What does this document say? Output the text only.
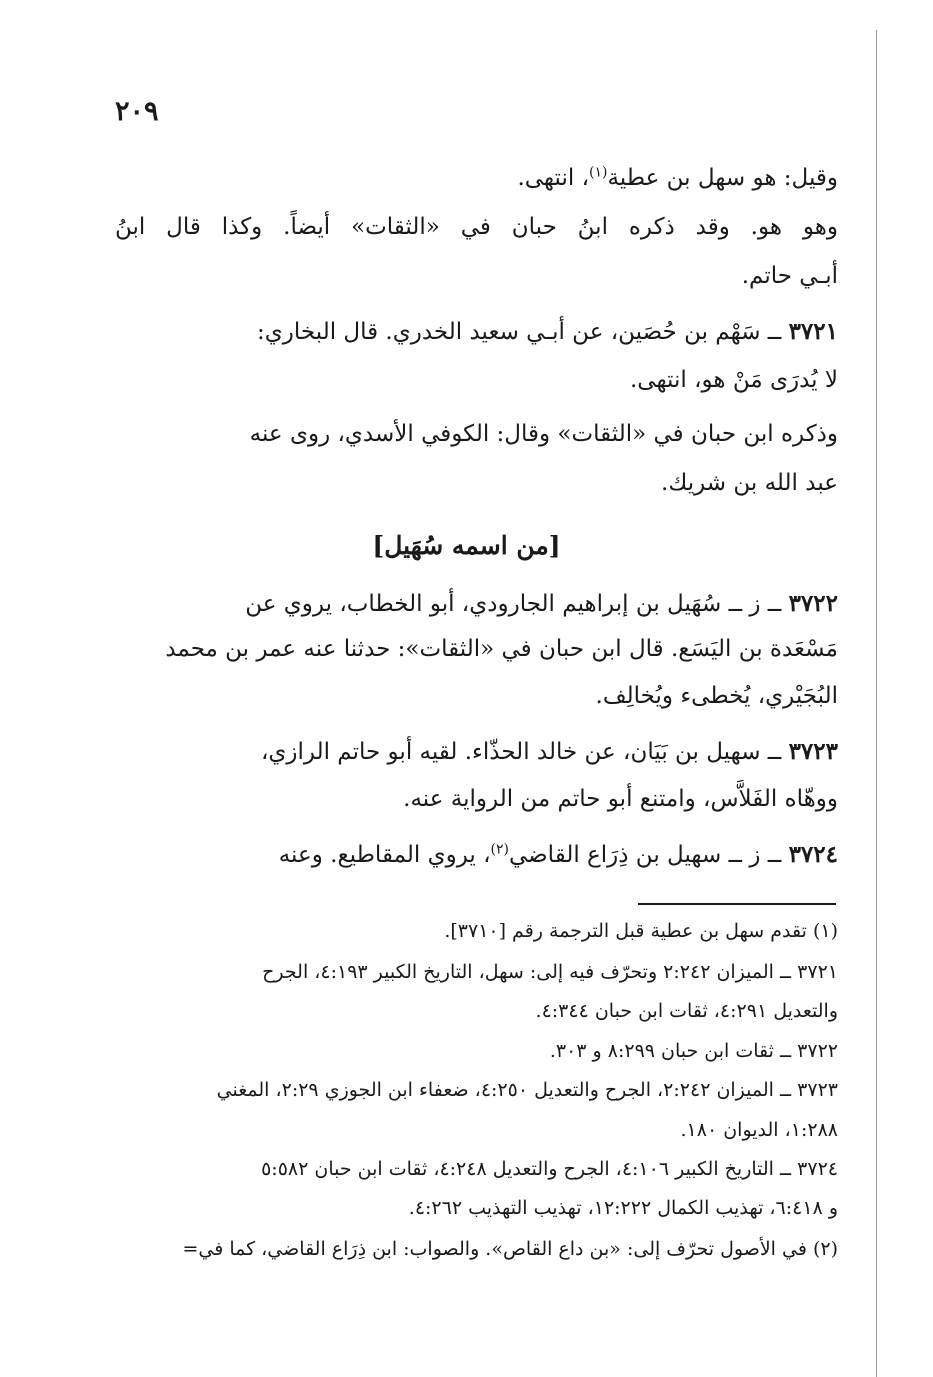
٢٠٩
وقيل: هو سهل بن عطية$^{(١)}$، انتهى.
وهو هو. وقد ذكره ابنُ حبان في «الثقات» أيضاً. وكذا قال ابنُ
أبـي حاتم.
٣٧٢١ ــ سَهْم بن حُصَين، عن أبـي سعيد الخدري. قال البخاري:
لا يُدرَى مَنْ هو، انتهى.
وذكره ابن حبان في «الثقات» وقال: الكوفي الأسدي، روى عنه
عبد الله بن شريك.
[من اسمه سُهَيل]
٣٧٢٢ ــ ز ــ سُهَيل بن إبراهيم الجارودي، أبو الخطاب، يروي عن
مَسْعَدة بن اليَسَع. قال ابن حبان في «الثقات»: حدثنا عنه عمر بن محمد
البُجَيْري، يُخطىء ويُخالِف.
٣٧٢٣ ــ سهيل بن بَيَان، عن خالد الحذّاء. لقيه أبو حاتم الرازي،
ووهّاه الفَلاَّس، وامتنع أبو حاتم من الرواية عنه.
٣٧٢٤ ــ ز ــ سهيل بن ذِرَاع القاضي$^{(٢)}$، يروي المقاطيع. وعنه
(١) تقدم سهل بن عطية قبل الترجمة رقم [٣٧١٠].
٣٧٢١ ــ الميزان ٢:٢٤٢ وتحرّف فيه إلى: سهل، التاريخ الكبير ٤:١٩٣، الجرح
والتعديل ٤:٢٩١، ثقات ابن حبان ٤:٣٤٤.
٣٧٢٢ ــ ثقات ابن حبان ٨:٢٩٩ و ٣٠٣.
٣٧٢٣ ــ الميزان ٢:٢٤٢، الجرح والتعديل ٤:٢٥٠، ضعفاء ابن الجوزي ٢:٢٩، المغني
١:٢٨٨، الديوان ١٨٠.
٣٧٢٤ ــ التاريخ الكبير ٤:١٠٦، الجرح والتعديل ٤:٢٤٨، ثقات ابن حبان ٥:٥٨٢
و ٦:٤١٨، تهذيب الكمال ١٢:٢٢٢، تهذيب التهذيب ٤:٢٦٢.
(٢) في الأصول تحرّف إلى: «بن داع القاص». والصواب: ابن ذِرَاع القاضي، كما في=
